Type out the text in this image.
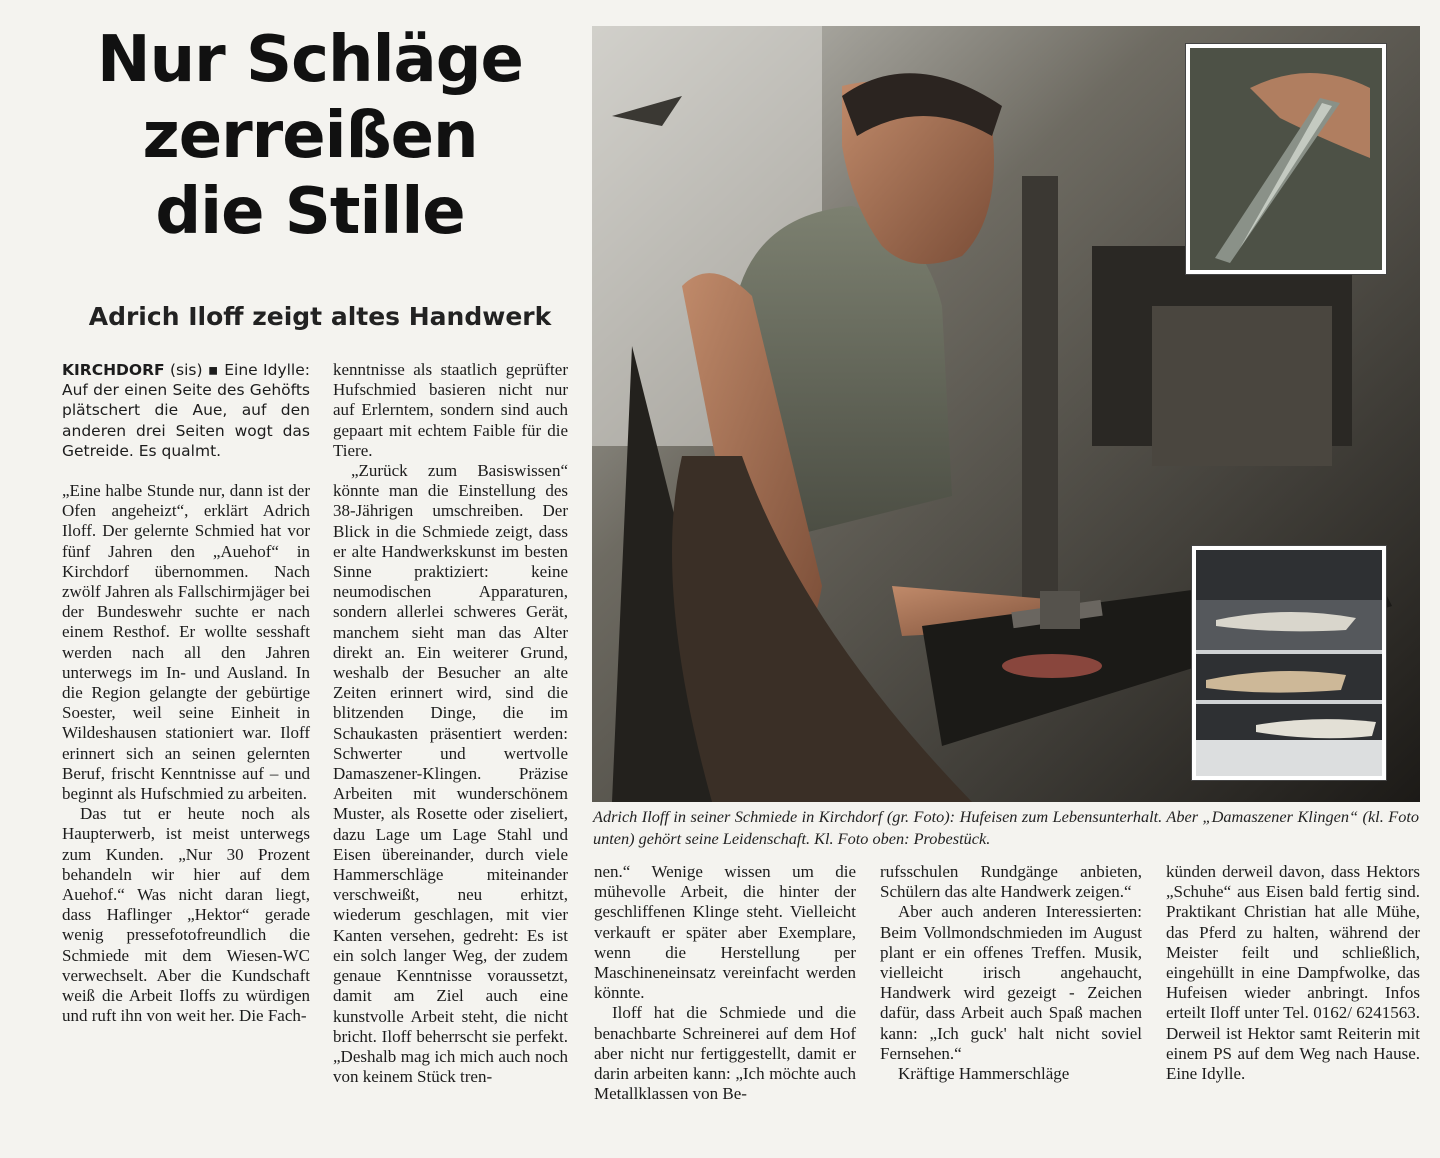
Nur Schläge
zerreißen
die Stille
Adrich Iloff zeigt altes Handwerk

KIRCHDORF (sis) ▪ Eine Idylle: Auf der einen Seite des Gehöfts plätschert die Aue, auf den anderen drei Seiten wogt das Getreide. Es qualmt.

„Eine halbe Stunde nur, dann ist der Ofen angeheizt“, erklärt Adrich Iloff. Der gelernte Schmied hat vor fünf Jahren den „Auehof“ in Kirchdorf übernommen. Nach zwölf Jahren als Fallschirmjäger bei der Bundeswehr suchte er nach einem Resthof. Er wollte sesshaft werden nach all den Jahren unterwegs im In- und Ausland. In die Region gelangte der gebürtige Soester, weil seine Einheit in Wildeshausen stationiert war. Iloff erinnert sich an seinen gelernten Beruf, frischt Kenntnisse auf – und beginnt als Hufschmied zu arbeiten.

Das tut er heute noch als Haupterwerb, ist meist unterwegs zum Kunden. „Nur 30 Prozent behandeln wir hier auf dem Auehof.“ Was nicht daran liegt, dass Haflinger „Hektor“ gerade wenig pressefotofreundlich die Schmiede mit dem Wiesen-WC verwechselt. Aber die Kundschaft weiß die Arbeit Iloffs zu würdigen und ruft ihn von weit her. Die Fach-

kenntnisse als staatlich geprüfter Hufschmied basieren nicht nur auf Erlerntem, sondern sind auch gepaart mit echtem Faible für die Tiere.

„Zurück zum Basiswissen“ könnte man die Einstellung des 38-Jährigen umschreiben. Der Blick in die Schmiede zeigt, dass er alte Handwerkskunst im besten Sinne praktiziert: keine neumodischen Apparaturen, sondern allerlei schweres Gerät, manchem sieht man das Alter direkt an. Ein weiterer Grund, weshalb der Besucher an alte Zeiten erinnert wird, sind die blitzenden Dinge, die im Schaukasten präsentiert werden: Schwerter und wertvolle Damaszener-Klingen. Präzise Arbeiten mit wunderschönem Muster, als Rosette oder ziseliert, dazu Lage um Lage Stahl und Eisen übereinander, durch viele Hammerschläge miteinander verschweißt, neu erhitzt, wiederum geschlagen, mit vier Kanten versehen, gedreht: Es ist ein solch langer Weg, der zudem genaue Kenntnisse voraussetzt, damit am Ziel auch eine kunstvolle Arbeit steht, die nicht bricht. Iloff beherrscht sie perfekt. „Deshalb mag ich mich auch noch von keinem Stück tren-

Adrich Iloff in seiner Schmiede in Kirchdorf (gr. Foto): Hufeisen zum Lebensunterhalt. Aber „Damaszener Klingen“ (kl. Foto unten) gehört seine Leidenschaft. Kl. Foto oben: Probestück.

nen.“ Wenige wissen um die mühevolle Arbeit, die hinter der geschliffenen Klinge steht. Vielleicht verkauft er später aber Exemplare, wenn die Herstellung per Maschineneinsatz vereinfacht werden könnte.

Iloff hat die Schmiede und die benachbarte Schreinerei auf dem Hof aber nicht nur fertiggestellt, damit er darin arbeiten kann: „Ich möchte auch Metallklassen von Be-

rufsschulen Rundgänge anbieten, Schülern das alte Handwerk zeigen.“

Aber auch anderen Interessierten: Beim Vollmondschmieden im August plant er ein offenes Treffen. Musik, vielleicht irisch angehaucht, Handwerk wird gezeigt - Zeichen dafür, dass Arbeit auch Spaß machen kann: „Ich guck' halt nicht soviel Fernsehen.“

Kräftige Hammerschläge

künden derweil davon, dass Hektors „Schuhe“ aus Eisen bald fertig sind. Praktikant Christian hat alle Mühe, das Pferd zu halten, während der Meister feilt und schließlich, eingehüllt in eine Dampfwolke, das Hufeisen wieder anbringt. Infos erteilt Iloff unter Tel. 0162/ 6241563. Derweil ist Hektor samt Reiterin mit einem PS auf dem Weg nach Hause. Eine Idylle.
